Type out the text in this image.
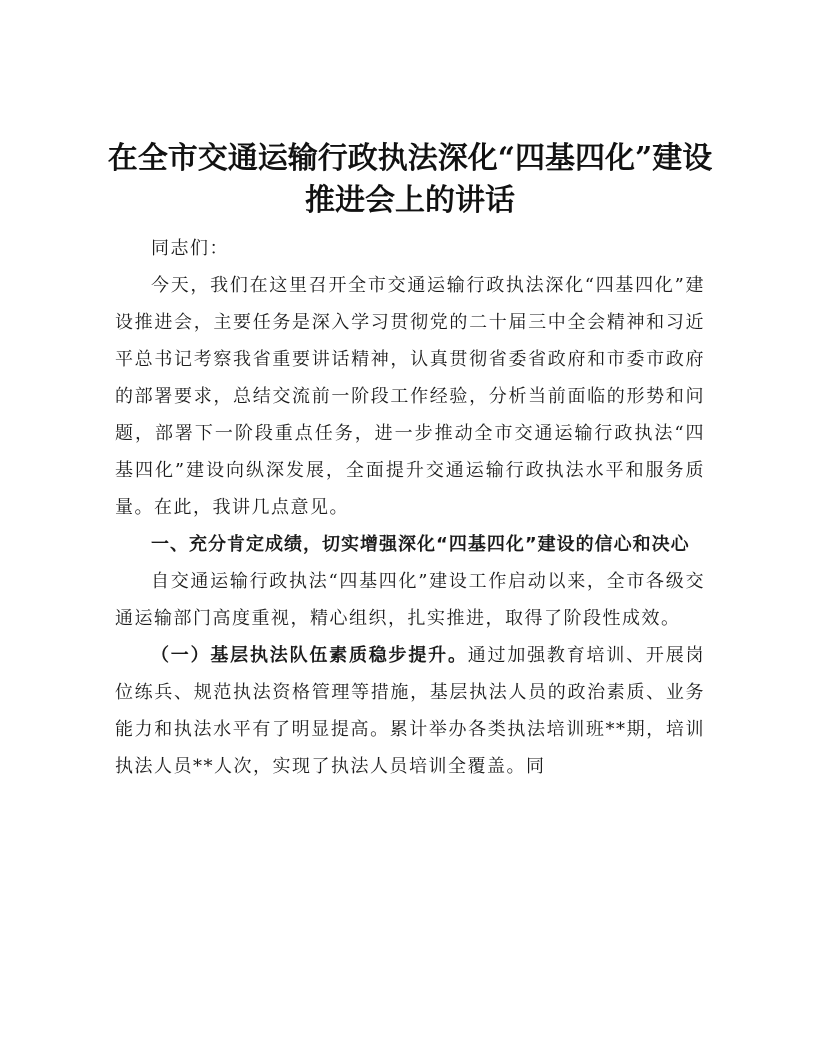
在全市交通运输行政执法深化“四基四化”建设推进会上的讲话

同志们：

今天，我们在这里召开全市交通运输行政执法深化“四基四化”建设推进会，主要任务是深入学习贯彻党的二十届三中全会精神和习近平总书记考察我省重要讲话精神，认真贯彻省委省政府和市委市政府的部署要求，总结交流前一阶段工作经验，分析当前面临的形势和问题，部署下一阶段重点任务，进一步推动全市交通运输行政执法“四基四化”建设向纵深发展，全面提升交通运输行政执法水平和服务质量。在此，我讲几点意见。

一、充分肯定成绩，切实增强深化“四基四化”建设的信心和决心

自交通运输行政执法“四基四化”建设工作启动以来，全市各级交通运输部门高度重视，精心组织，扎实推进，取得了阶段性成效。

（一）基层执法队伍素质稳步提升。通过加强教育培训、开展岗位练兵、规范执法资格管理等措施，基层执法人员的政治素质、业务能力和执法水平有了明显提高。累计举办各类执法培训班**期，培训执法人员**人次，实现了执法人员培训全覆盖。同
